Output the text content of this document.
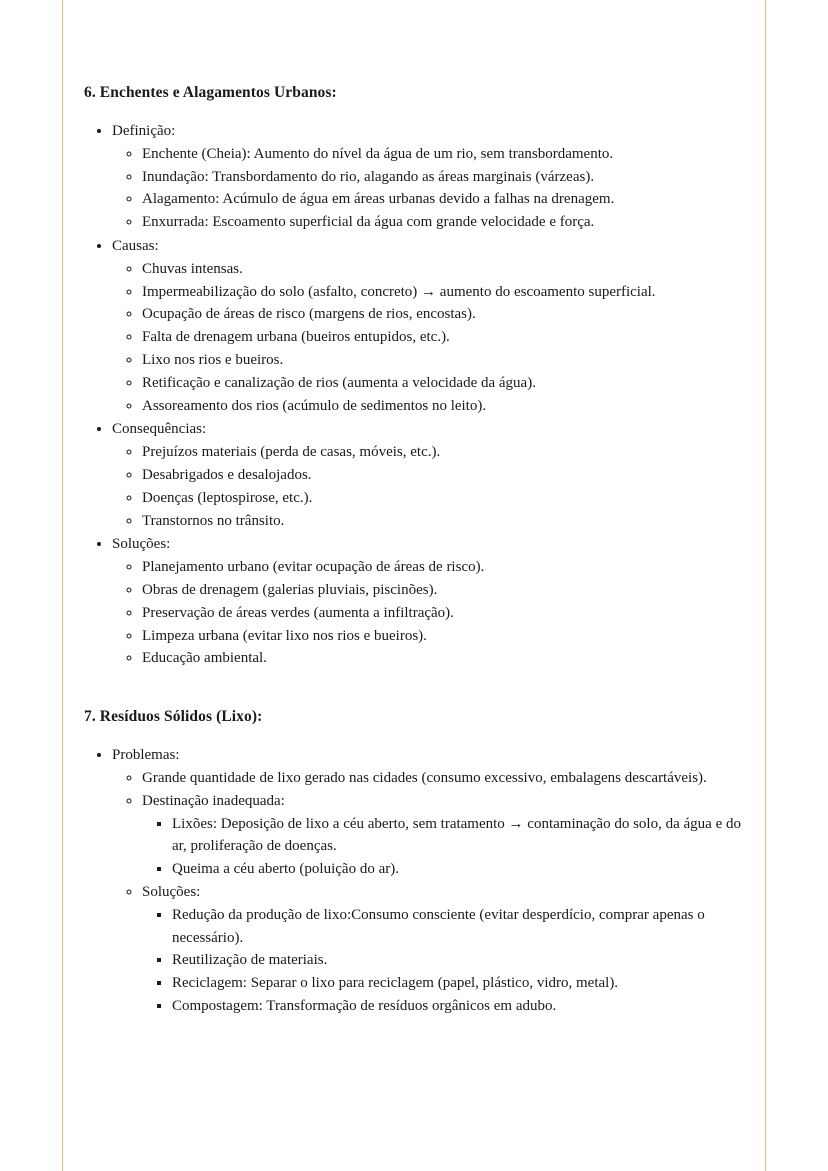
6. Enchentes e Alagamentos Urbanos:
• Definição:
◦ Enchente (Cheia): Aumento do nível da água de um rio, sem transbordamento.
◦ Inundação: Transbordamento do rio, alagando as áreas marginais (várzeas).
◦ Alagamento: Acúmulo de água em áreas urbanas devido a falhas na drenagem.
◦ Enxurrada: Escoamento superficial da água com grande velocidade e força.
• Causas:
◦ Chuvas intensas.
◦ Impermeabilização do solo (asfalto, concreto) → aumento do escoamento superficial.
◦ Ocupação de áreas de risco (margens de rios, encostas).
◦ Falta de drenagem urbana (bueiros entupidos, etc.).
◦ Lixo nos rios e bueiros.
◦ Retificação e canalização de rios (aumenta a velocidade da água).
◦ Assoreamento dos rios (acúmulo de sedimentos no leito).
• Consequências:
◦ Prejuízos materiais (perda de casas, móveis, etc.).
◦ Desabrigados e desalojados.
◦ Doenças (leptospirose, etc.).
◦ Transtornos no trânsito.
• Soluções:
◦ Planejamento urbano (evitar ocupação de áreas de risco).
◦ Obras de drenagem (galerias pluviais, piscinões).
◦ Preservação de áreas verdes (aumenta a infiltração).
◦ Limpeza urbana (evitar lixo nos rios e bueiros).
◦ Educação ambiental.
7. Resíduos Sólidos (Lixo):
• Problemas:
◦ Grande quantidade de lixo gerado nas cidades (consumo excessivo, embalagens descartáveis).
◦ Destinação inadequada:
▪ Lixões: Deposição de lixo a céu aberto, sem tratamento → contaminação do solo, da água e do ar, proliferação de doenças.
▪ Queima a céu aberto (poluição do ar).
◦ Soluções:
▪ Redução da produção de lixo:Consumo consciente (evitar desperdício, comprar apenas o necessário).
▪ Reutilização de materiais.
▪ Reciclagem: Separar o lixo para reciclagem (papel, plástico, vidro, metal).
▪ Compostagem: Transformação de resíduos orgânicos em adubo.
